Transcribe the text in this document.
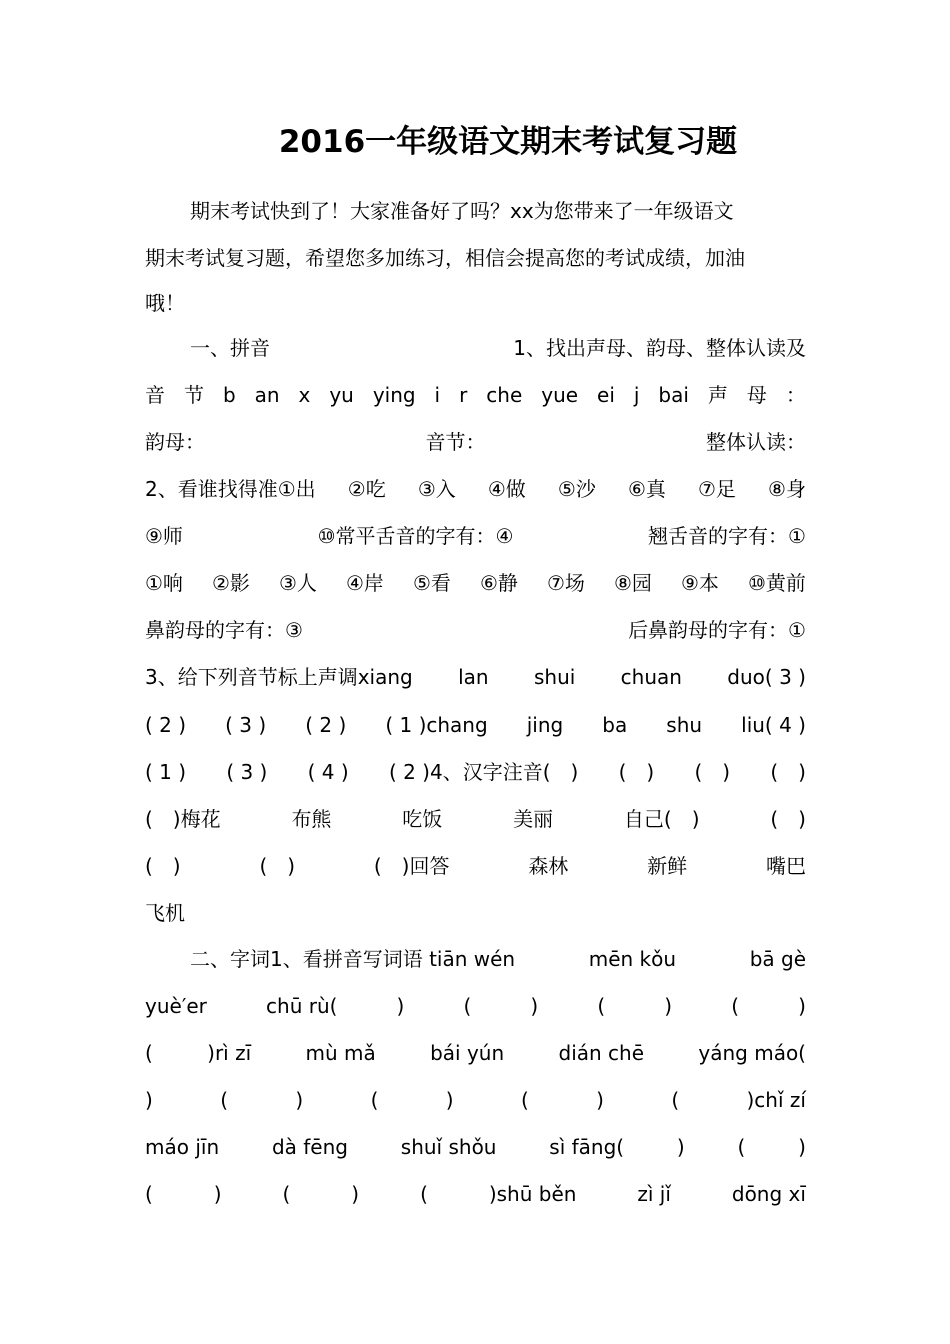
2016一年级语文期末考试复习题
期末考试快到了！大家准备好了吗？xx为您带来了一年级语文
期末考试复习题，希望您多加练习，相信会提高您的考试成绩，加油
哦！
一、拼音	1、找出声母、韵母、整体认读及
音 节 b an x yu ying i r che yue ei j bai 声 母 ：
韵母：	音节：	整体认读：
2、看谁找得准①出 ②吃 ③入 ④做 ⑤沙 ⑥真 ⑦足 ⑧身
⑨师	⑩常平舌音的字有：④	翘舌音的字有：①
①响 ②影 ③人 ④岸 ⑤看 ⑥静 ⑦场 ⑧园 ⑨本 ⑩黄前
鼻韵母的字有：③	后鼻韵母的字有：①
3、给下列音节标上声调xiang lan shui chuan duo( 3 )
( 2 ) ( 3 ) ( 2 ) ( 1 )chang jing ba shu liu( 4 )
( 1 ) ( 3 ) ( 4 ) ( 2 )4、汉字注音(　) (　) (　) (　)
(　)梅花	布熊	吃饭	美丽	自己(　)	(　)
(　)	(　)	(　)回答	森林	新鲜	嘴巴
飞机
二、字词1、看拼音写词语 tiān wén	mēn kǒu	bā gè
yuè′er	chū rù(	)	(	)	(	)	(	)
(	)rì zī	mù mǎ	bái yún	dián chē	yáng máo(
)	(	)	(	)	(	)	(	)chǐ zí
máo jīn	dà fēng	shuǐ shǒu	sì fāng(	)	(	)
(	)	(	)	(	)shū běn	zì jǐ	dōng xī
